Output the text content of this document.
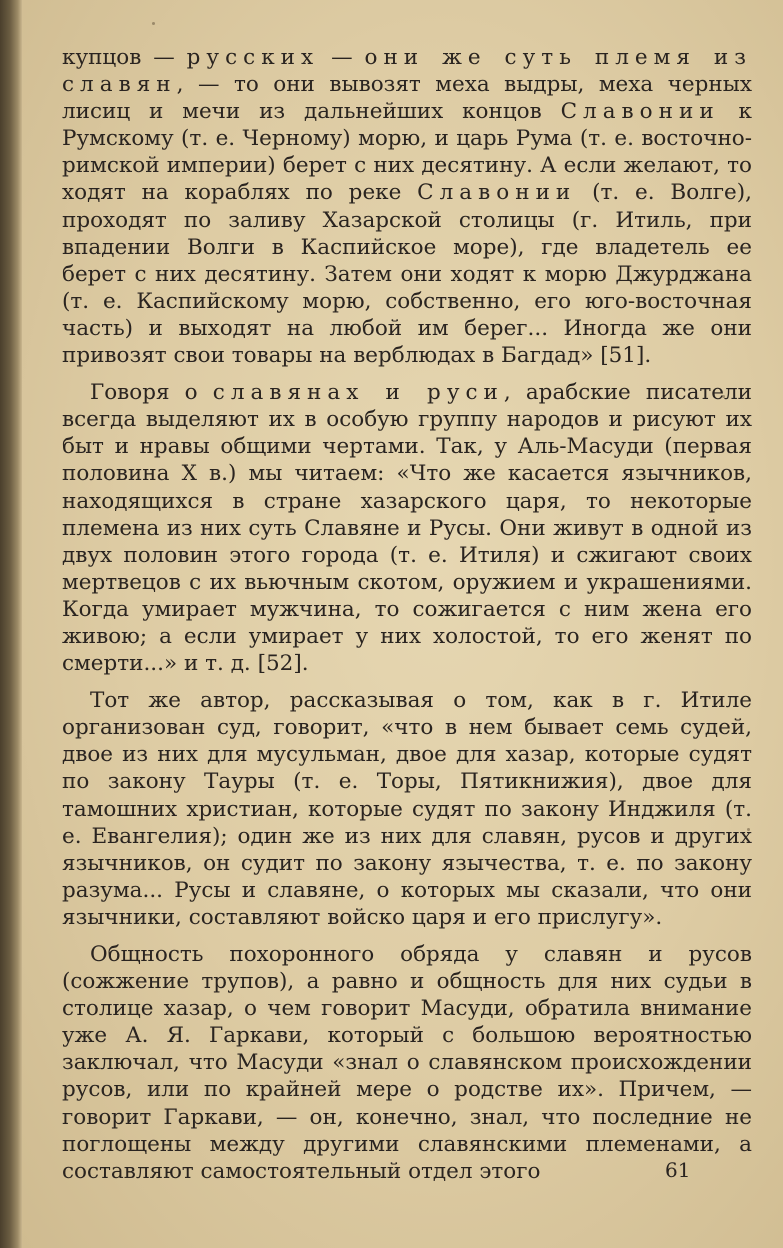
купцов — русских — они же суть племя из славян, — то они вывозят меха выдры, меха черных лисиц и мечи из дальнейших концов Славонии к Румскому (т. е. Черному) морю, и царь Рума (т. е. восточно-римской империи) берет с них десятину. А если желают, то ходят на кораблях по реке Славонии (т. е. Волге), проходят по заливу Хазарской столицы (г. Итиль, при впадении Волги в Каспийское море), где владетель ее берет с них десятину. Затем они ходят к морю Джурджана (т. е. Каспийскому морю, собственно, его юго-восточная часть) и выходят на любой им берег... Иногда же они привозят свои товары на верблюдах в Багдад» [51].

Говоря о славянах и руси, арабские писатели всегда выделяют их в особую группу народов и рисуют их быт и нравы общими чертами. Так, у Аль-Масуди (первая половина X в.) мы читаем: «Что же касается язычников, находящихся в стране хазарского царя, то некоторые племена из них суть Славяне и Русы. Они живут в одной из двух половин этого города (т. е. Итиля) и сжигают своих мертвецов с их вьючным скотом, оружием и украшениями. Когда умирает мужчина, то сожигается с ним жена его живою; а если умирает у них холостой, то его женят по смерти...» и т. д. [52].

Тот же автор, рассказывая о том, как в г. Итиле организован суд, говорит, «что в нем бывает семь судей, двое из них для мусульман, двое для хазар, которые судят по закону Тауры (т. е. Торы, Пятикнижия), двое для тамошних христиан, которые судят по закону Инджиля (т. е. Евангелия); один же из них для славян, русов и других язычников, он судит по закону язычества, т. е. по закону разума... Русы и славяне, о которых мы сказали, что они язычники, составляют войско царя и его прислугу».

Общность похоронного обряда у славян и русов (сожжение трупов), а равно и общность для них судьи в столице хазар, о чем говорит Масуди, обратила внимание уже А. Я. Гаркави, который с большою вероятностью заключал, что Масуди «знал о славянском происхождении русов, или по крайней мере о родстве их». Причем, — говорит Гаркави, — он, конечно, знал, что последние не поглощены между другими славянскими племенами, а составляют самостоятельный отдел этого	61
